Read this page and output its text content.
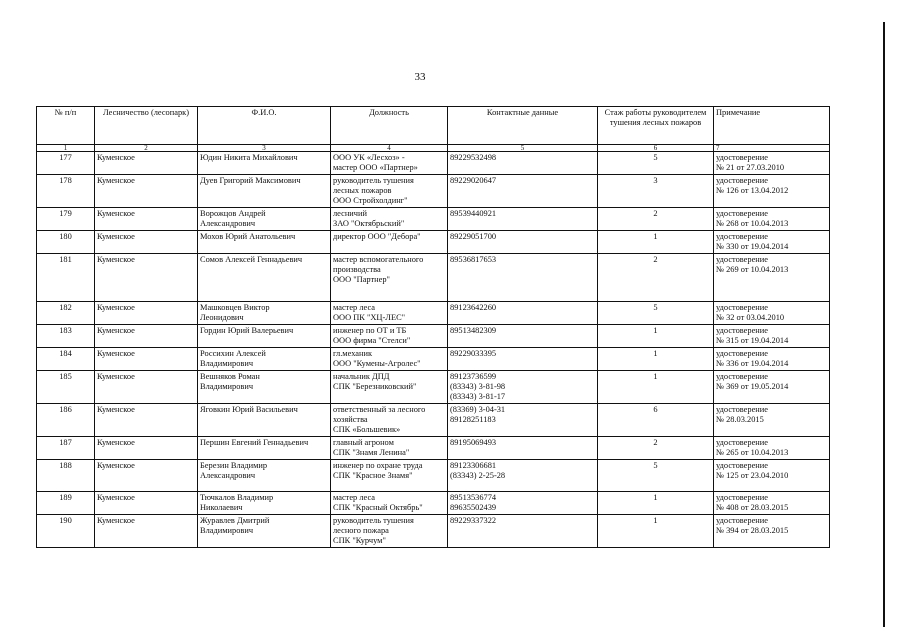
33
№ п/п	Лесничество (лесопарк)	Ф.И.О.	Должность	Контактные данные	Стаж работы руководителем тушения лесных пожаров	Примечание
1	2	3	4	5	6	7

177	Куменское	Юдин Никита Михайлович	ООО УК «Лесхоз» -
мастер ООО «Партнер»	89229532498	5	удостоверение
№ 21 от 27.03.2010

178	Куменское	Дуев Григорий Максимович	руководитель тушения
лесных пожаров
ООО Стройхолдинг"	89229020647	3	удостоверение
№ 126 от 13.04.2012

179	Куменское	Ворожцов Андрей
Александрович	лесничий
ЗАО "Октябрьский"	89539440921	2	удостоверение
№ 268 от 10.04.2013

180	Куменское	Мохов Юрий Анатольевич	директор ООО "Дебора"	89229051700	1	удостоверение
№ 330 от 19.04.2014

181	Куменское	Сомов Алексей Геннадьевич	мастер вспомогательного
производства
ООО "Партнер"	89536817653	2	удостоверение
№ 269 от 10.04.2013

182	Куменское	Машковцев Виктор
Леонидович	мастер леса
ООО ПК "ХЦ-ЛЕС"	89123642260	5	удостоверение
№ 32 от 03.04.2010

183	Куменское	Гордин Юрий Валерьевич	инженер по ОТ и ТБ
ООО фирма "Стелси"	89513482309	1	удостоверение
№ 315 от 19.04.2014

184	Куменское	Россихин Алексей
Владимирович	гл.механик
ООО "Кумены-Агролес"	89229033395	1	удостоверение
№ 336 от 19.04.2014

185	Куменское	Вешняков Роман
Владимирович	начальник ДПД
СПК "Березниковский"	89123736599
(83343) 3-81-98
(83343) 3-81-17	1	удостоверение
№ 369 от 19.05.2014

186	Куменское	Яговкин Юрий Васильевич	ответственный за лесного
хозяйства
СПК «Большевик»	(83369) 3-04-31
89128251183	6	удостоверение
№ 28.03.2015

187	Куменское	Першин Евгений Геннадьевич	главный агроном
СПК "Знамя Ленина"	89195069493	2	удостоверение
№ 265 от 10.04.2013

188	Куменское	Березин Владимир
Александрович	инженер по охране труда
СПК "Красное Знамя"	89123306681
(83343) 2-25-28	5	удостоверение
№ 125 от 23.04.2010

189	Куменское	Тючкалов Владимир
Николаевич	мастер леса
СПК "Красный Октябрь"	89513536774
89635502439	1	удостоверение
№ 408 от 28.03.2015

190	Куменское	Журавлев Дмитрий
Владимирович	руководитель тушения
лесного пожара
СПК "Курчум"	89229337322	1	удостоверение
№ 394 от 28.03.2015
